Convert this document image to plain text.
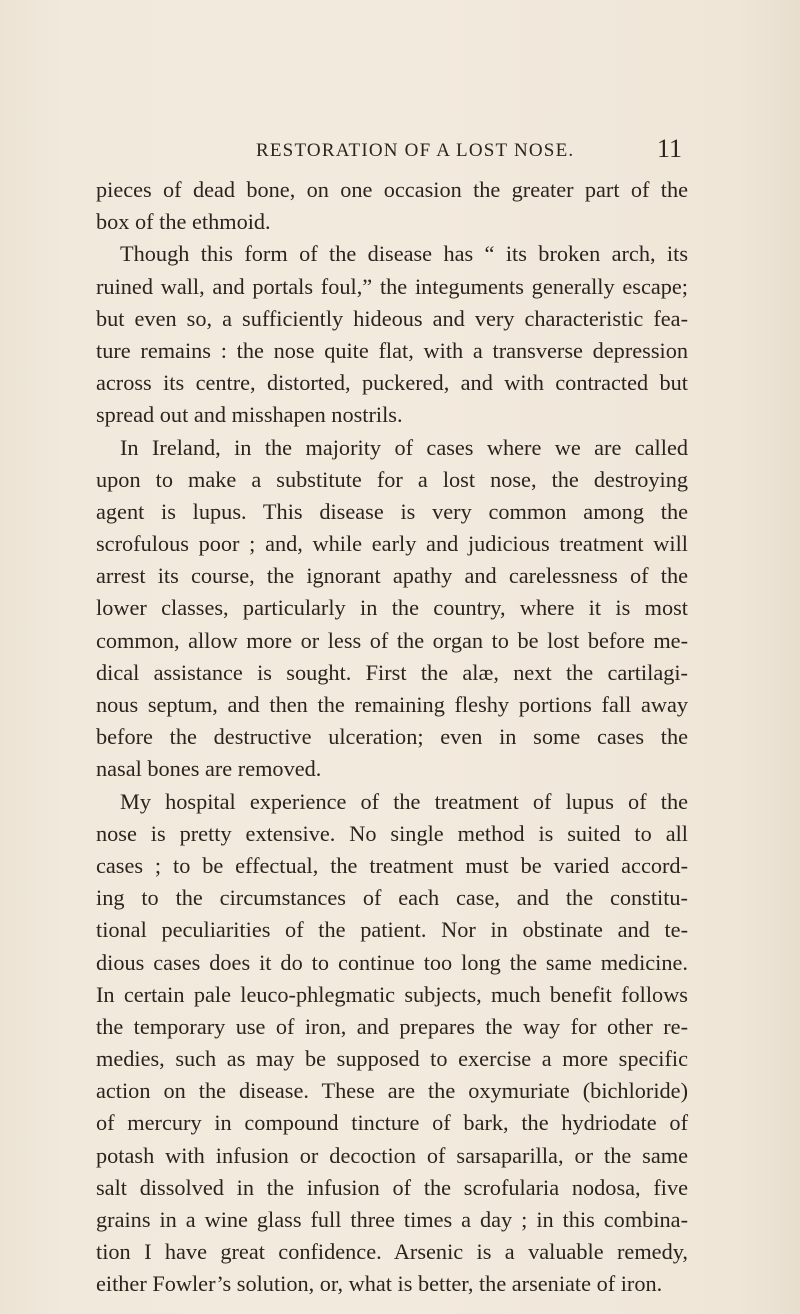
RESTORATION OF A LOST NOSE.	11
pieces of dead bone, on one occasion the greater part of the
box of the ethmoid.
Though this form of the disease has “ its broken arch, its
ruined wall, and portals foul,” the integuments generally escape;
but even so, a sufficiently hideous and very characteristic fea-
ture remains : the nose quite flat, with a transverse depression
across its centre, distorted, puckered, and with contracted but
spread out and misshapen nostrils.
In Ireland, in the majority of cases where we are called
upon to make a substitute for a lost nose, the destroying
agent is lupus. This disease is very common among the
scrofulous poor ; and, while early and judicious treatment will
arrest its course, the ignorant apathy and carelessness of the
lower classes, particularly in the country, where it is most
common, allow more or less of the organ to be lost before me-
dical assistance is sought. First the alæ, next the cartilagi-
nous septum, and then the remaining fleshy portions fall away
before the destructive ulceration; even in some cases the
nasal bones are removed.
My hospital experience of the treatment of lupus of the
nose is pretty extensive. No single method is suited to all
cases ; to be effectual, the treatment must be varied accord-
ing to the circumstances of each case, and the constitu-
tional peculiarities of the patient. Nor in obstinate and te-
dious cases does it do to continue too long the same medicine.
In certain pale leuco-phlegmatic subjects, much benefit follows
the temporary use of iron, and prepares the way for other re-
medies, such as may be supposed to exercise a more specific
action on the disease. These are the oxymuriate (bichloride)
of mercury in compound tincture of bark, the hydriodate of
potash with infusion or decoction of sarsaparilla, or the same
salt dissolved in the infusion of the scrofularia nodosa, five
grains in a wine glass full three times a day ; in this combina-
tion I have great confidence. Arsenic is a valuable remedy,
either Fowler’s solution, or, what is better, the arseniate of iron.
